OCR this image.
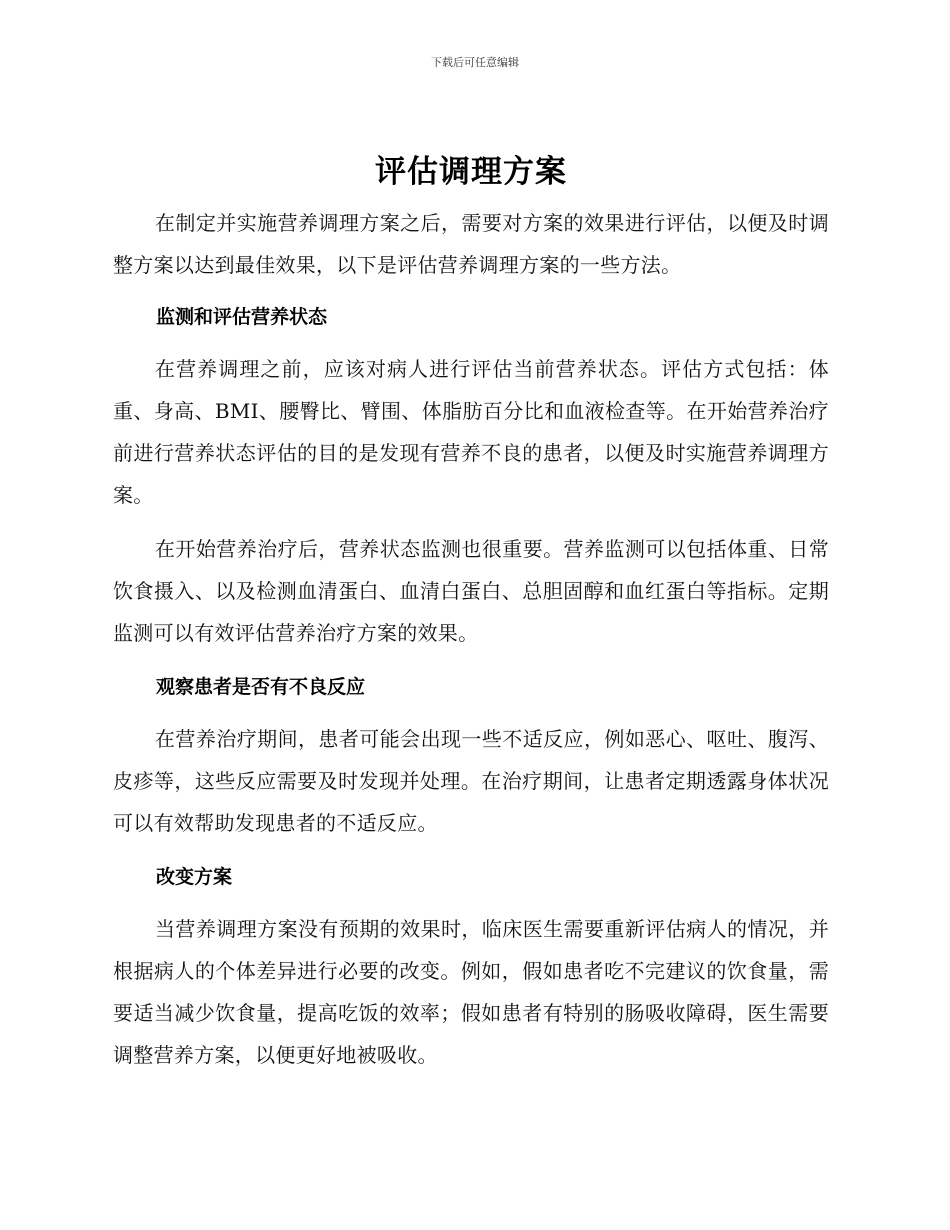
下载后可任意编辑
评估调理方案

在制定并实施营养调理方案之后，需要对方案的效果进行评估，以便及时调整方案以达到最佳效果，以下是评估营养调理方案的一些方法。

监测和评估营养状态

在营养调理之前，应该对病人进行评估当前营养状态。评估方式包括：体重、身高、BMI、腰臀比、臂围、体脂肪百分比和血液检查等。在开始营养治疗前进行营养状态评估的目的是发现有营养不良的患者，以便及时实施营养调理方案。

在开始营养治疗后，营养状态监测也很重要。营养监测可以包括体重、日常饮食摄入、以及检测血清蛋白、血清白蛋白、总胆固醇和血红蛋白等指标。定期监测可以有效评估营养治疗方案的效果。

观察患者是否有不良反应

在营养治疗期间，患者可能会出现一些不适反应，例如恶心、呕吐、腹泻、皮疹等，这些反应需要及时发现并处理。在治疗期间，让患者定期透露身体状况可以有效帮助发现患者的不适反应。

改变方案

当营养调理方案没有预期的效果时，临床医生需要重新评估病人的情况，并根据病人的个体差异进行必要的改变。例如，假如患者吃不完建议的饮食量，需要适当减少饮食量，提高吃饭的效率；假如患者有特别的肠吸收障碍，医生需要调整营养方案，以便更好地被吸收。
